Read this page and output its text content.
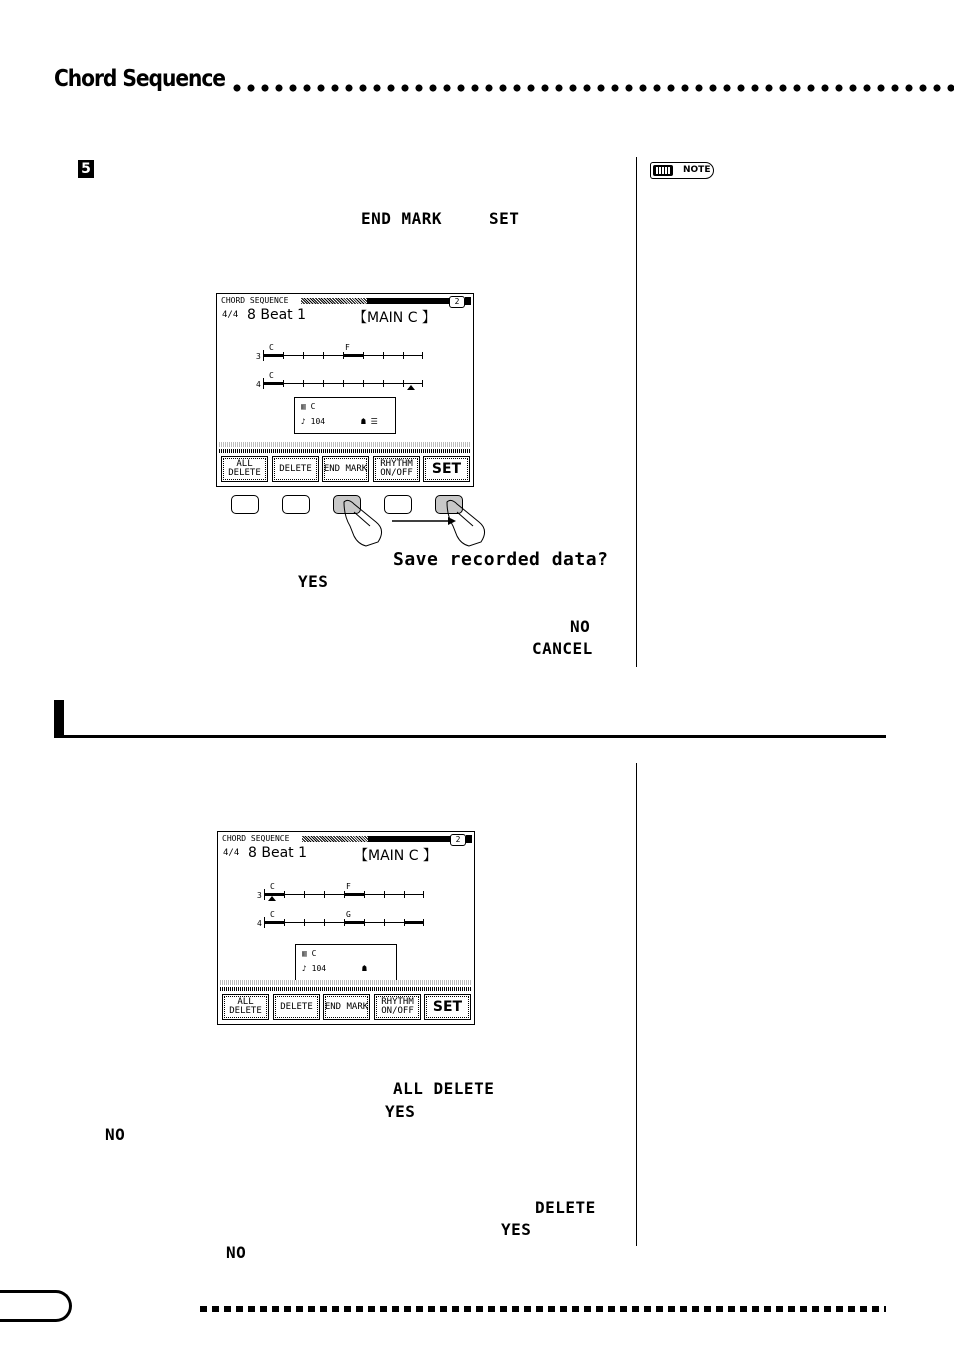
Chord Sequence
5
END MARK	SET
NOTE
CHORD SEQUENCE	2
4/4 8 Beat 1	【MAIN C 】
3
C	F
4
C
▥ C
♪ 104	☗ ☰
ALL DELETE	DELETE	END MARK	RHYTHM ON/OFF	SET
Save recorded data?
YES
NO
CANCEL
CHORD SEQUENCE	2
4/4 8 Beat 1	【MAIN C 】
3
C	F
4
C	G
▥ C
♪ 104	☗
ALL DELETE	DELETE	END MARK	RHYTHM ON/OFF	SET
ALL DELETE
YES
NO
DELETE
YES
NO
